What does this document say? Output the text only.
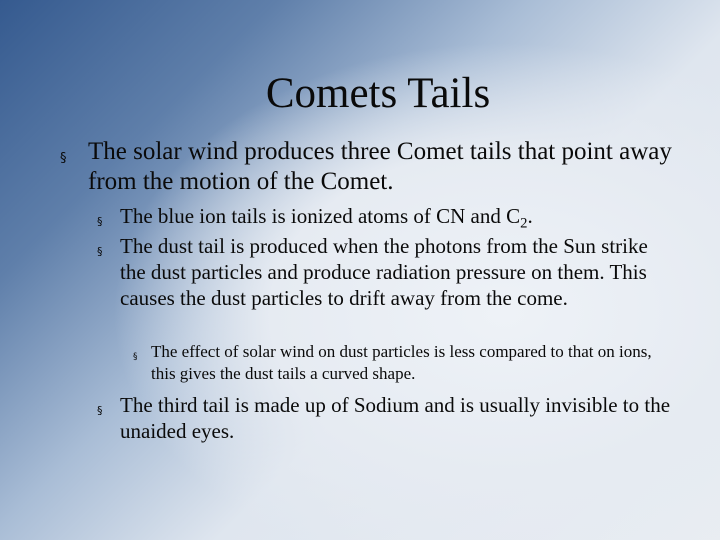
Comets Tails
§ The solar wind produces three Comet tails that point away from the motion of the Comet.
§ The blue ion tails is ionized atoms of CN and $C_2$.
§ The dust tail is produced when the photons from the Sun strike the dust particles and produce radiation pressure on them. This causes the dust particles to drift away from the come.
§ The effect of solar wind on dust particles is less compared to that on ions, this gives the dust tails a curved shape.
§ The third tail is made up of Sodium and is usually invisible to the unaided eyes.
